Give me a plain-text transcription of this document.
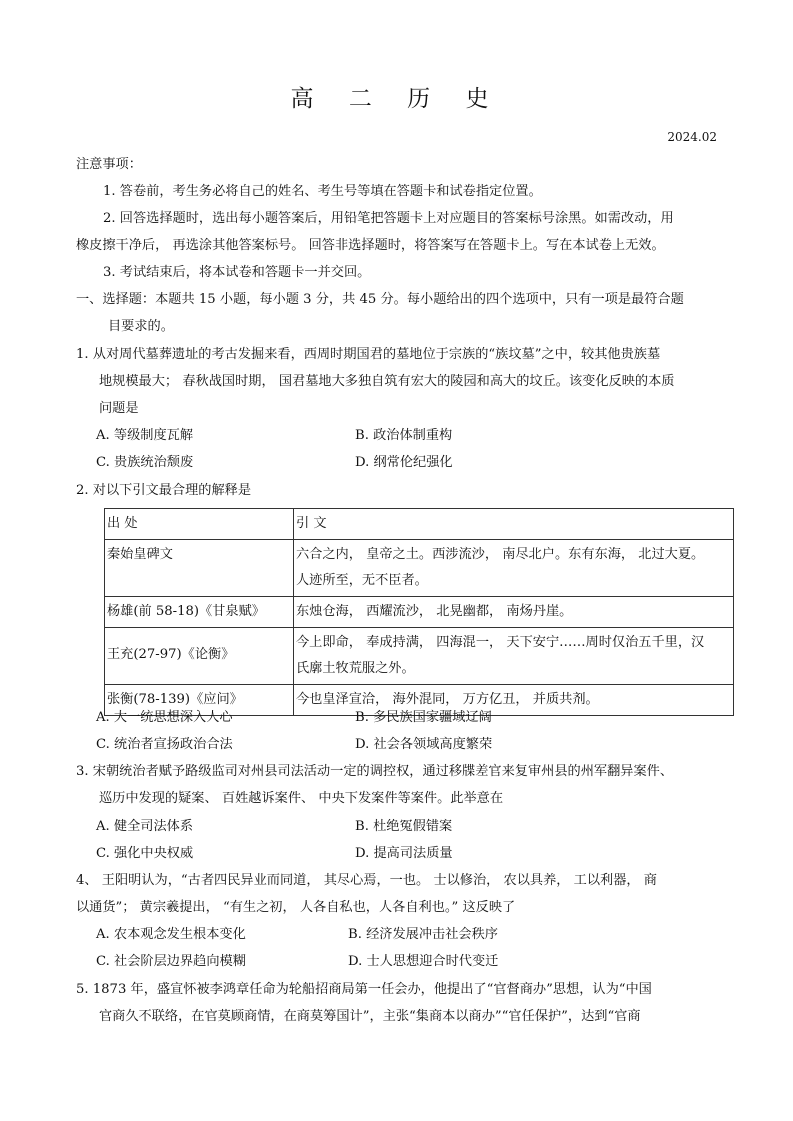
高 二 历 史
2024.02
注意事项：
1. 答卷前，考生务必将自己的姓名、考生号等填在答题卡和试卷指定位置。
2. 回答选择题时，选出每小题答案后，用铅笔把答题卡上对应题目的答案标号涂黑。如需改动，用
橡皮擦干净后， 再选涂其他答案标号。 回答非选择题时，将答案写在答题卡上。写在本试卷上无效。
3. 考试结束后，将本试卷和答题卡一并交回。
一、选择题：本题共 15 小题，每小题 3 分，共 45 分。每小题给出的四个选项中，只有一项是最符合题
目要求的。
1. 从对周代墓葬遗址的考古发掘来看，西周时期国君的墓地位于宗族的“族坟墓”之中，较其他贵族墓
地规模最大； 春秋战国时期， 国君墓地大多独自筑有宏大的陵园和高大的坟丘。该变化反映的本质
问题是
A. 等级制度瓦解	B. 政治体制重构
C. 贵族统治颓废	D. 纲常伦纪强化
2. 对以下引文最合理的解释是
出 处	引 文
秦始皇碑文	六合之内， 皇帝之土。西涉流沙， 南尽北户。东有东海， 北过大夏。
人迹所至，无不臣者。

杨雄(前 58-18)《甘泉赋》	东烛仓海， 西耀流沙， 北晃幽都， 南炀丹崖。
王充(27-97)《论衡》	今上即命， 奉成持满， 四海混一， 天下安宁……周时仅治五千里，汉
氏廓土牧荒服之外。

张衡(78-139)《应问》	今也皇泽宣洽， 海外混同， 万方亿丑， 并质共剂。
A. 大一统思想深入人心	B. 多民族国家疆域辽阔
C. 统治者宣扬政治合法	D. 社会各领域高度繁荣
3. 宋朝统治者赋予路级监司对州县司法活动一定的调控权，通过移牒差官来复审州县的州军翻异案件、
巡历中发现的疑案、 百姓越诉案件、 中央下发案件等案件。此举意在
A. 健全司法体系	B. 杜绝冤假错案
C. 强化中央权威	D. 提高司法质量
4、 王阳明认为，“古者四民异业而同道， 其尽心焉，一也。 士以修治， 农以具养， 工以利器， 商
以通货”； 黄宗羲提出， “有生之初， 人各自私也，人各自利也。” 这反映了
A. 农本观念发生根本变化	B. 经济发展冲击社会秩序
C. 社会阶层边界趋向模糊	D. 士人思想迎合时代变迁
5. 1873 年，盛宣怀被李鸿章任命为轮船招商局第一任会办，他提出了“官督商办”思想，认为“中国
官商久不联络，在官莫顾商情，在商莫筹国计”，主张“集商本以商办”“官任保护”，达到“官商
